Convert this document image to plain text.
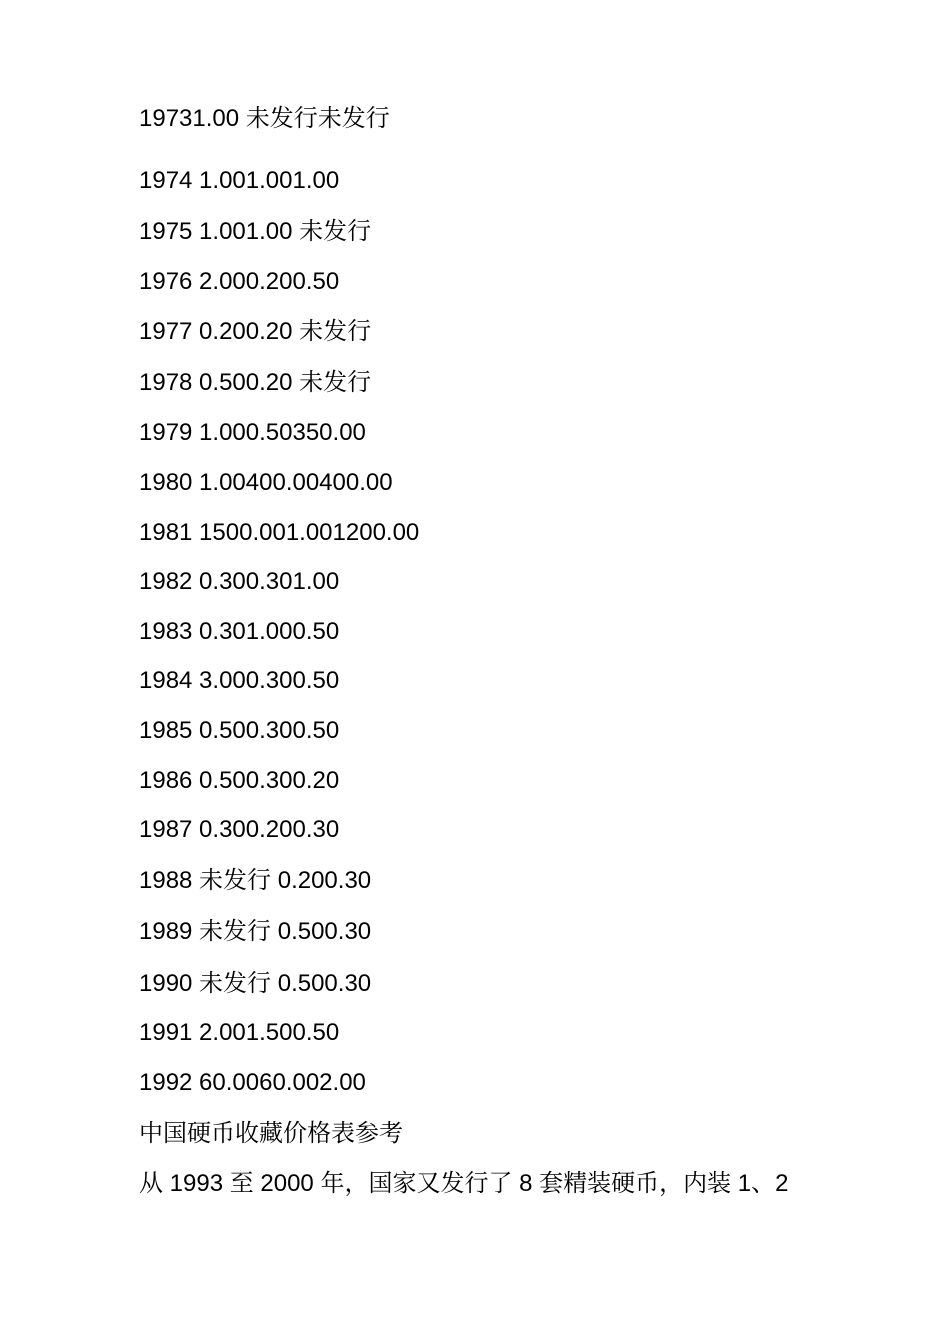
19731.00 未发行未发行
1974 1.001.001.00
1975 1.001.00 未发行
1976 2.000.200.50
1977 0.200.20 未发行
1978 0.500.20 未发行
1979 1.000.50350.00
1980 1.00400.00400.00
1981 1500.001.001200.00
1982 0.300.301.00
1983 0.301.000.50
1984 3.000.300.50
1985 0.500.300.50
1986 0.500.300.20
1987 0.300.200.30
1988 未发行 0.200.30
1989 未发行 0.500.30
1990 未发行 0.500.30
1991 2.001.500.50
1992 60.0060.002.00
中国硬币收藏价格表参考
从 1993 至 2000 年，国家又发行了 8 套精装硬币，内装 1、2
